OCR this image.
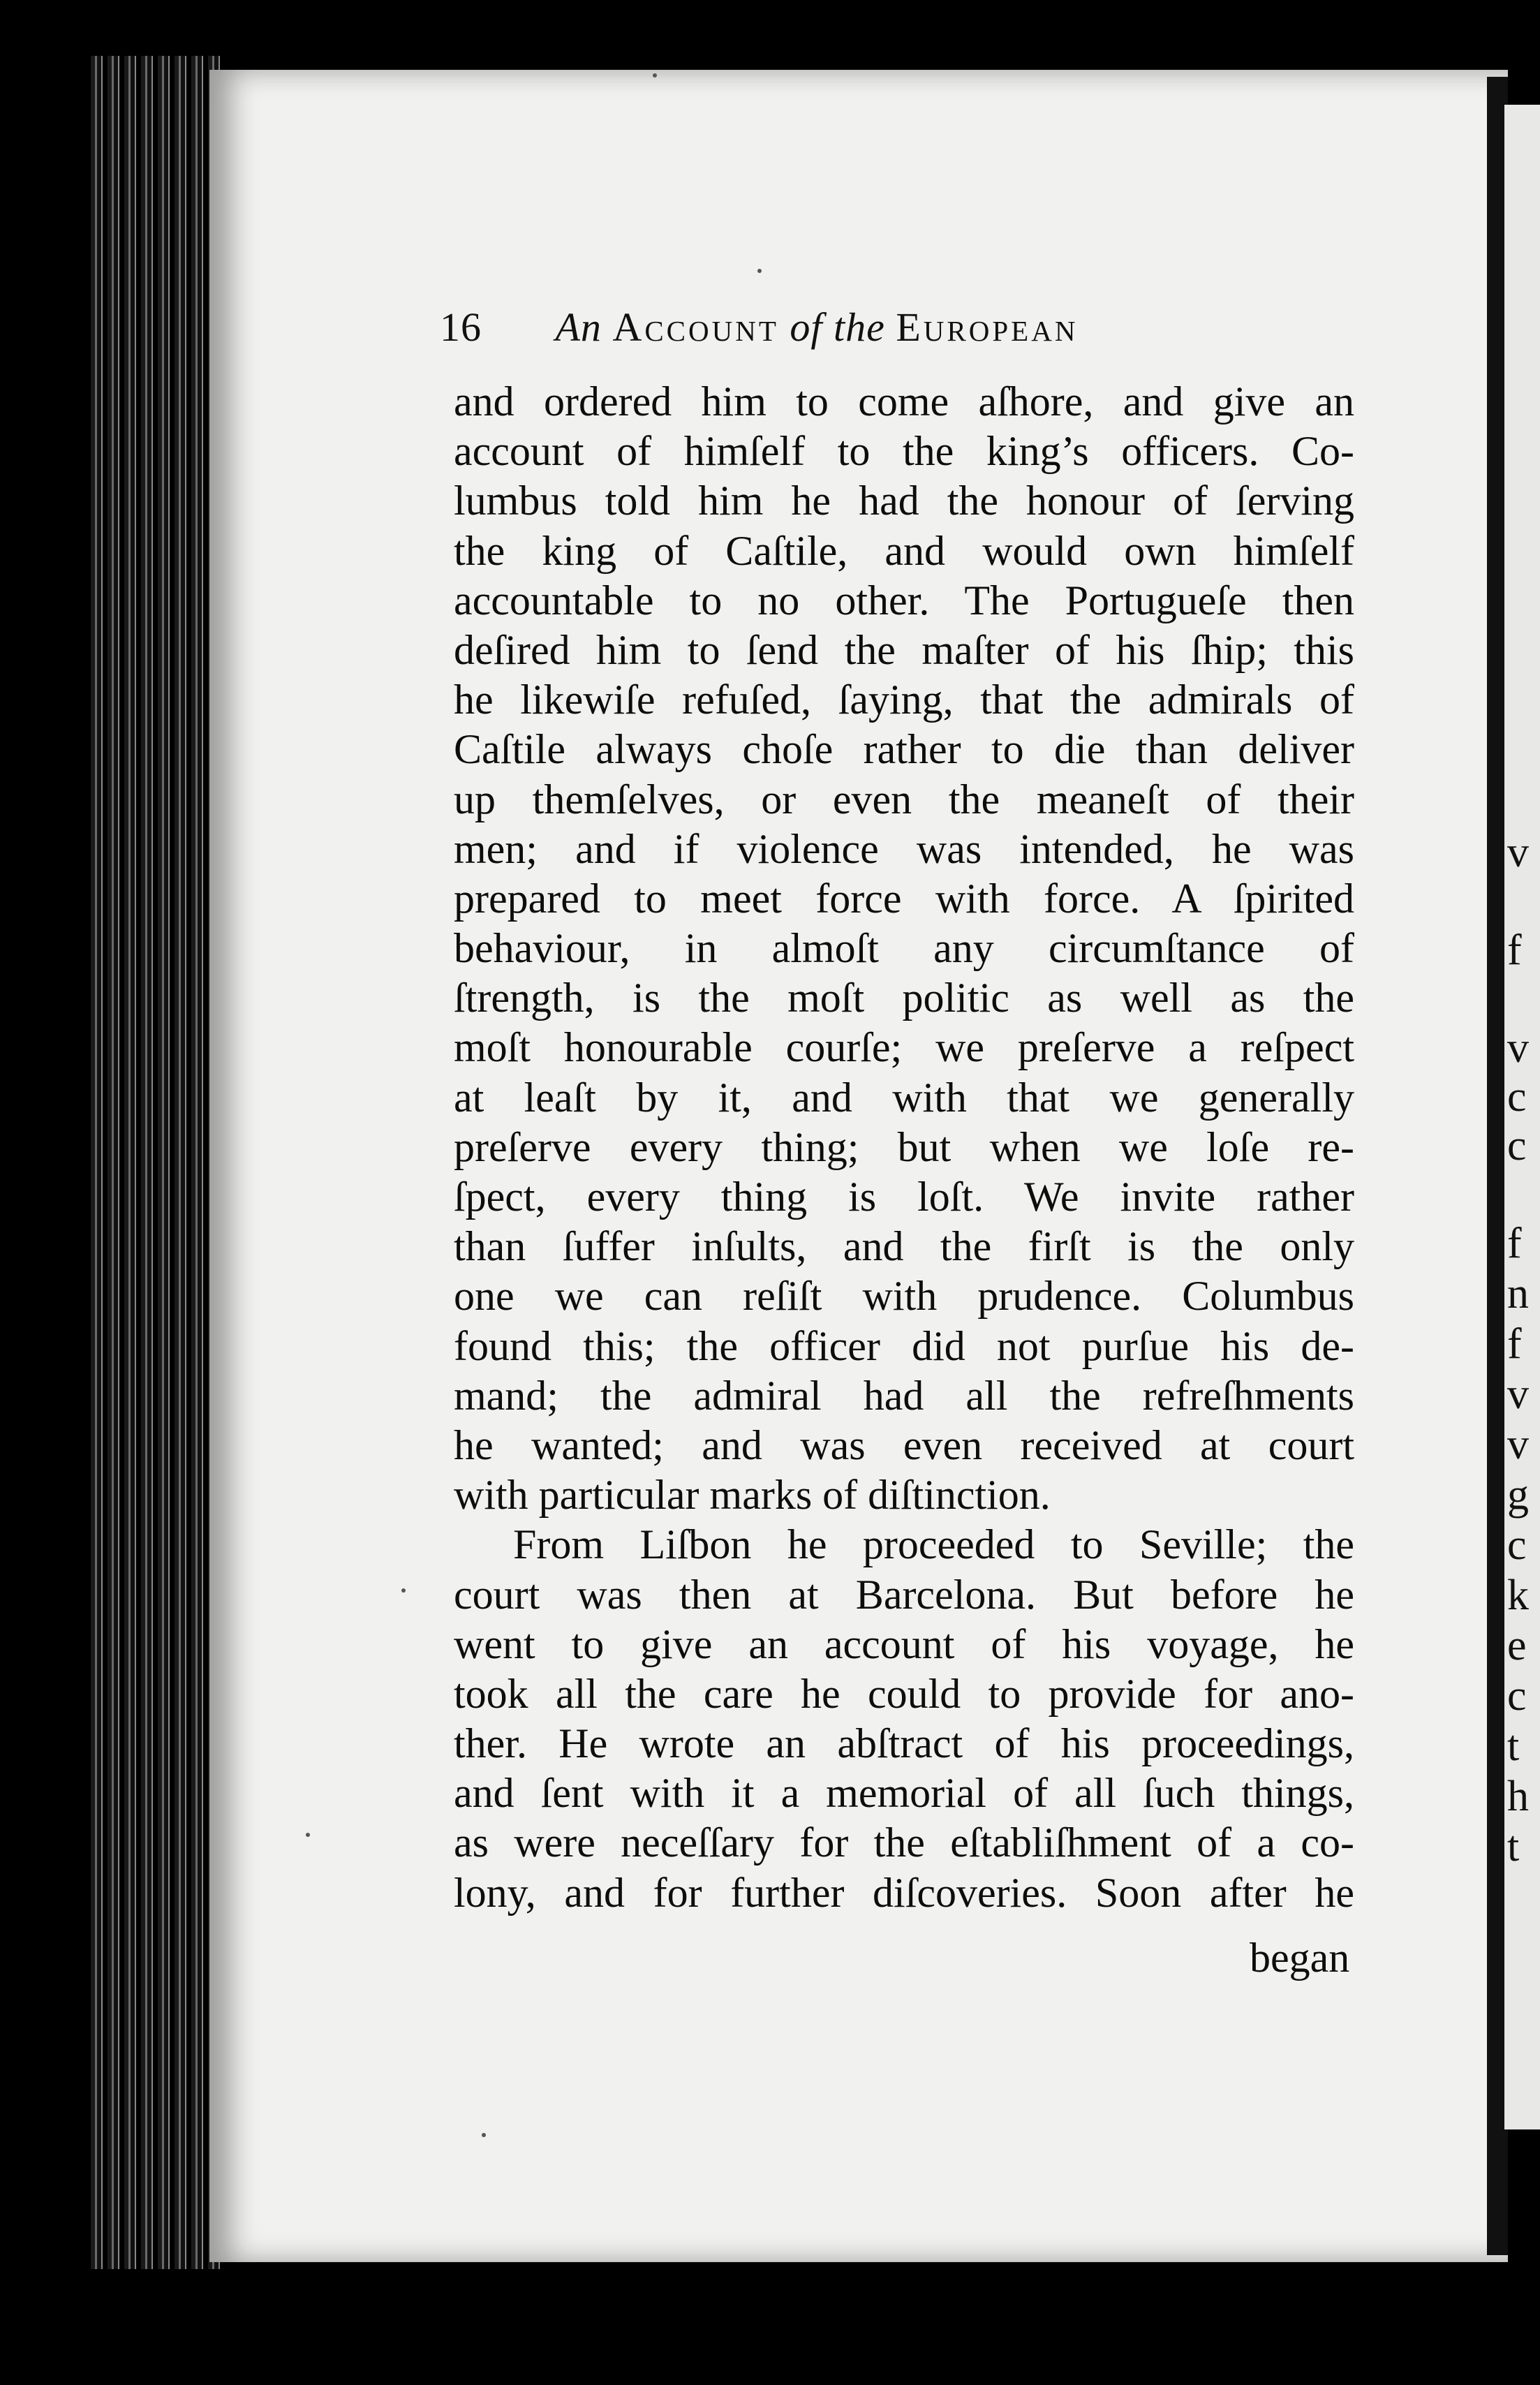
v
f
v
c
c
f
n
f
v
v
g
c
k
e
c
t
h
t
16 An Account of the European
and ordered him to come aſhore, and give an
account of himſelf to the king’s officers. Co-
lumbus told him he had the honour of ſerving
the king of Caſtile, and would own himſelf
accountable to no other. The Portugueſe then
deſired him to ſend the maſter of his ſhip; this
he likewiſe refuſed, ſaying, that the admirals of
Caſtile always choſe rather to die than deliver
up themſelves, or even the meaneſt of their
men; and if violence was intended, he was
prepared to meet force with force. A ſpirited
behaviour, in almoſt any circumſtance of
ſtrength, is the moſt politic as well as the
moſt honourable courſe; we preſerve a reſpect
at leaſt by it, and with that we generally
preſerve every thing; but when we loſe re-
ſpect, every thing is loſt. We invite rather
than ſuffer inſults, and the firſt is the only
one we can reſiſt with prudence. Columbus
found this; the officer did not purſue his de-
mand; the admiral had all the refreſhments
he wanted; and was even received at court
with particular marks of diſtinction.
From Liſbon he proceeded to Seville; the
court was then at Barcelona. But before he
went to give an account of his voyage, he
took all the care he could to provide for ano-
ther. He wrote an abſtract of his proceedings,
and ſent with it a memorial of all ſuch things,
as were neceſſary for the eſtabliſhment of a co-
lony, and for further diſcoveries. Soon after he
began
